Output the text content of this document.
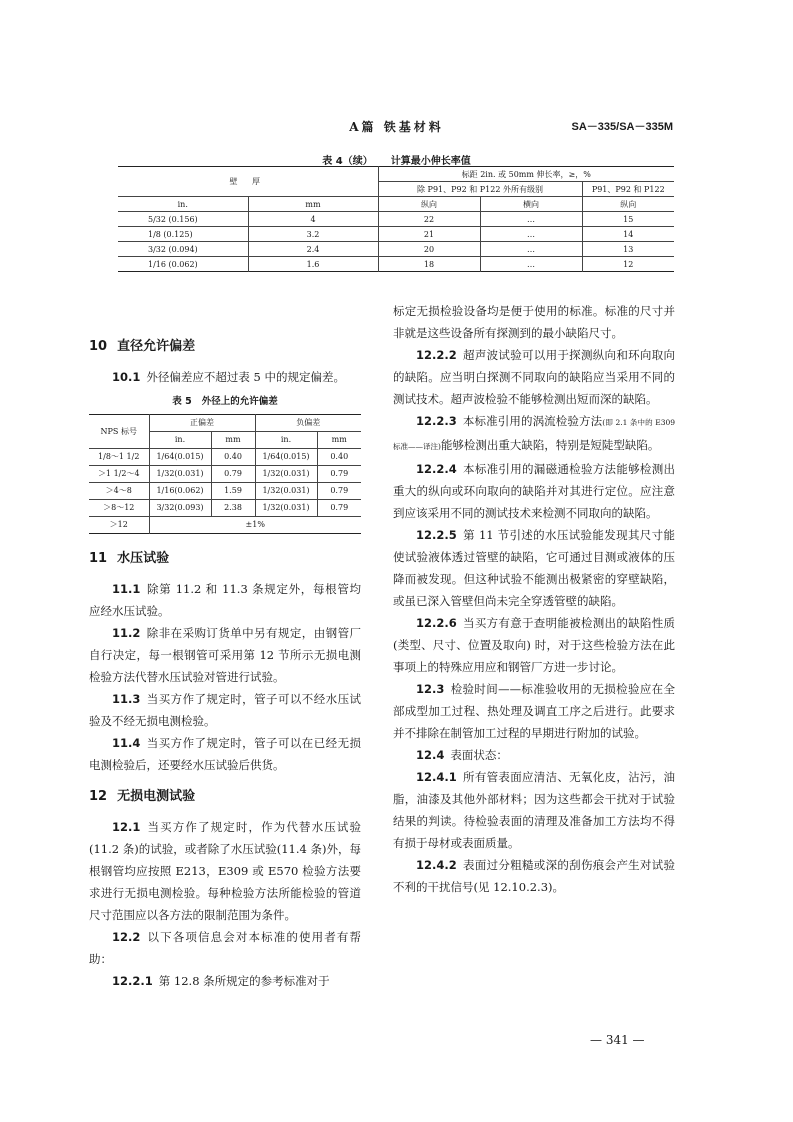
A篇 铁基材料	SA－335/SA－335M
表 4（续） 计算最小伸长率值
壁 厚		标距 2in. 或 50mm 伸长率，≥，%		
		除 P91、P92 和 P122 外所有级别		P91、P92 和 P122
in.	mm	纵向	横向	纵向
5/32 (0.156)	4	22	…	15
1/8 (0.125)	3.2	21	…	14
3/32 (0.094)	2.4	20	…	13
1/16 (0.062)	1.6	18	…	12
10 直径允许偏差

10.1 外径偏差应不超过表 5 中的规定偏差。

表 5 外径上的允许偏差
NPS 标号	正偏差		负偏差	
	in.	mm	in.	mm
1/8～1 1/2	1/64(0.015)	0.40	1/64(0.015)	0.40
＞1 1/2～4	1/32(0.031)	0.79	1/32(0.031)	0.79
＞4～8	1/16(0.062)	1.59	1/32(0.031)	0.79
＞8～12	3/32(0.093)	2.38	1/32(0.031)	0.79
＞12	±1%			
11 水压试验

11.1 除第 11.2 和 11.3 条规定外，每根管均应经水压试验。

11.2 除非在采购订货单中另有规定，由钢管厂自行决定，每一根钢管可采用第 12 节所示无损电测检验方法代替水压试验对管进行试验。

11.3 当买方作了规定时，管子可以不经水压试验及不经无损电测检验。

11.4 当买方作了规定时，管子可以在已经无损电测检验后，还要经水压试验后供货。

12 无损电测试验

12.1 当买方作了规定时，作为代替水压试验(11.2 条)的试验，或者除了水压试验(11.4 条)外，每根钢管均应按照 E213，E309 或 E570 检验方法要求进行无损电测检验。每种检验方法所能检验的管道尺寸范围应以各方法的限制范围为条件。

12.2 以下各项信息会对本标准的使用者有帮助：

12.2.1 第 12.8 条所规定的参考标准对于

标定无损检验设备均是便于使用的标准。标准的尺寸并非就是这些设备所有探测到的最小缺陷尺寸。

12.2.2 超声波试验可以用于探测纵向和环向取向的缺陷。应当明白探测不同取向的缺陷应当采用不同的测试技术。超声波检验不能够检测出短而深的缺陷。

12.2.3 本标准引用的涡流检验方法(即 2.1 条中的 E309 标准——译注)能够检测出重大缺陷，特别是短陡型缺陷。

12.2.4 本标准引用的漏磁通检验方法能够检测出重大的纵向或环向取向的缺陷并对其进行定位。应注意到应该采用不同的测试技术来检测不同取向的缺陷。

12.2.5 第 11 节引述的水压试验能发现其尺寸能使试验液体透过管壁的缺陷，它可通过目测或液体的压降而被发现。但这种试验不能测出极紧密的穿壁缺陷，或虽已深入管壁但尚未完全穿透管壁的缺陷。

12.2.6 当买方有意于查明能被检测出的缺陷性质(类型、尺寸、位置及取向) 时，对于这些检验方法在此事项上的特殊应用应和钢管厂方进一步讨论。

12.3 检验时间——标准验收用的无损检验应在全部成型加工过程、热处理及调直工序之后进行。此要求并不排除在制管加工过程的早期进行附加的试验。

12.4 表面状态：

12.4.1 所有管表面应清洁、无氧化皮，沾污，油脂，油漆及其他外部材料；因为这些都会干扰对于试验结果的判读。待检验表面的清理及准备加工方法均不得有损于母材或表面质量。

12.4.2 表面过分粗糙或深的刮伤痕会产生对试验不利的干扰信号(见 12.10.2.3)。

— 341 —
